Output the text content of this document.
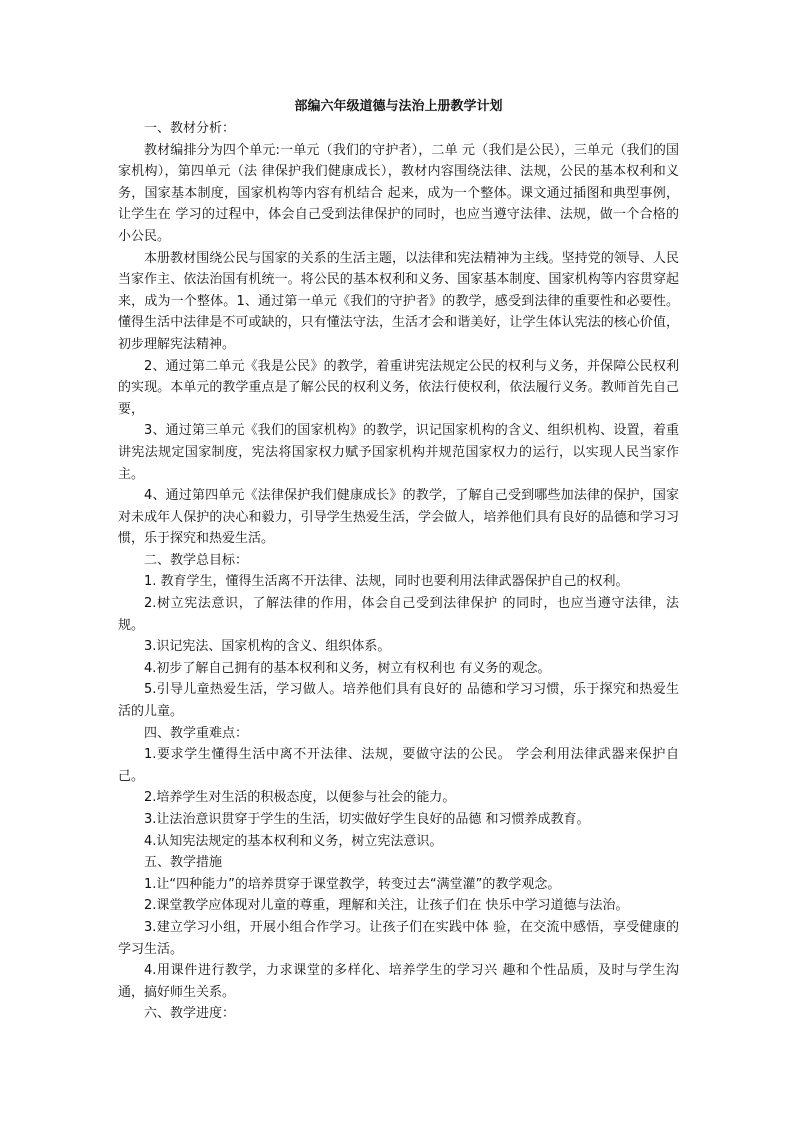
部编六年级道德与法治上册教学计划

一、教材分析：

教材编排分为四个单元:一单元（我们的守护者），二单 元（我们是公民），三单元（我们的国家机构），第四单元（法 律保护我们健康成长），教材内容围绕法律、法规，公民的基本权利和义务，国家基本制度，国家机构等内容有机结合 起来，成为一个整体。课文通过插图和典型事例，让学生在 学习的过程中，体会自己受到法律保护的同时，也应当遵守法律、法规，做一个合格的小公民。

本册教材围绕公民与国家的关系的生活主题，以法律和宪法精神为主线。坚持党的领导、人民当家作主、依法治国有机统一。将公民的基本权利和义务、国家基本制度、国家机构等内容贯穿起来，成为一个整体。1、通过第一单元《我们的守护者》的教学，感受到法律的重要性和必要性。懂得生活中法律是不可或缺的，只有懂法守法，生活才会和谐美好，让学生体认宪法的核心价值，初步理解宪法精神。

2、通过第二单元《我是公民》的教学，着重讲宪法规定公民的权利与义务，并保障公民权利的实现。本单元的教学重点是了解公民的权利义务，依法行使权利，依法履行义务。教师首先自己要，

3、通过第三单元《我们的国家机构》的教学，识记国家机构的含义、组织机构、设置，着重讲宪法规定国家制度，宪法将国家权力赋予国家机构并规范国家权力的运行，以实现人民当家作主。

4、通过第四单元《法律保护我们健康成长》的教学，了解自己受到哪些加法律的保护，国家对未成年人保护的决心和毅力，引导学生热爱生活，学会做人，培养他们具有良好的品德和学习习惯，乐于探究和热爱生活。

二、教学总目标：

1. 教育学生，懂得生活离不开法律、法规，同时也要利用法律武器保护自己的权利。

2.树立宪法意识，了解法律的作用，体会自己受到法律保护 的同时，也应当遵守法律，法规。

3.识记宪法、国家机构的含义、组织体系。

4.初步了解自己拥有的基本权利和义务，树立有权利也 有义务的观念。

5.引导儿童热爱生活，学习做人。培养他们具有良好的 品德和学习习惯，乐于探究和热爱生活的儿童。

四、教学重难点：

1.要求学生懂得生活中离不开法律、法规，要做守法的公民。 学会利用法律武器来保护自己。

2.培养学生对生活的积极态度，以便参与社会的能力。

3.让法治意识贯穿于学生的生活，切实做好学生良好的品德 和习惯养成教育。

4.认知宪法规定的基本权利和义务，树立宪法意识。

五、教学措施

1.让“四种能力”的培养贯穿于课堂教学，转变过去“满堂灌”的教学观念。

2.课堂教学应体现对儿童的尊重，理解和关注，让孩子们在 快乐中学习道德与法治。

3.建立学习小组，开展小组合作学习。让孩子们在实践中体 验，在交流中感悟，享受健康的学习生活。

4.用课件进行教学，力求课堂的多样化、培养学生的学习兴 趣和个性品质，及时与学生沟通，搞好师生关系。

六、教学进度：
